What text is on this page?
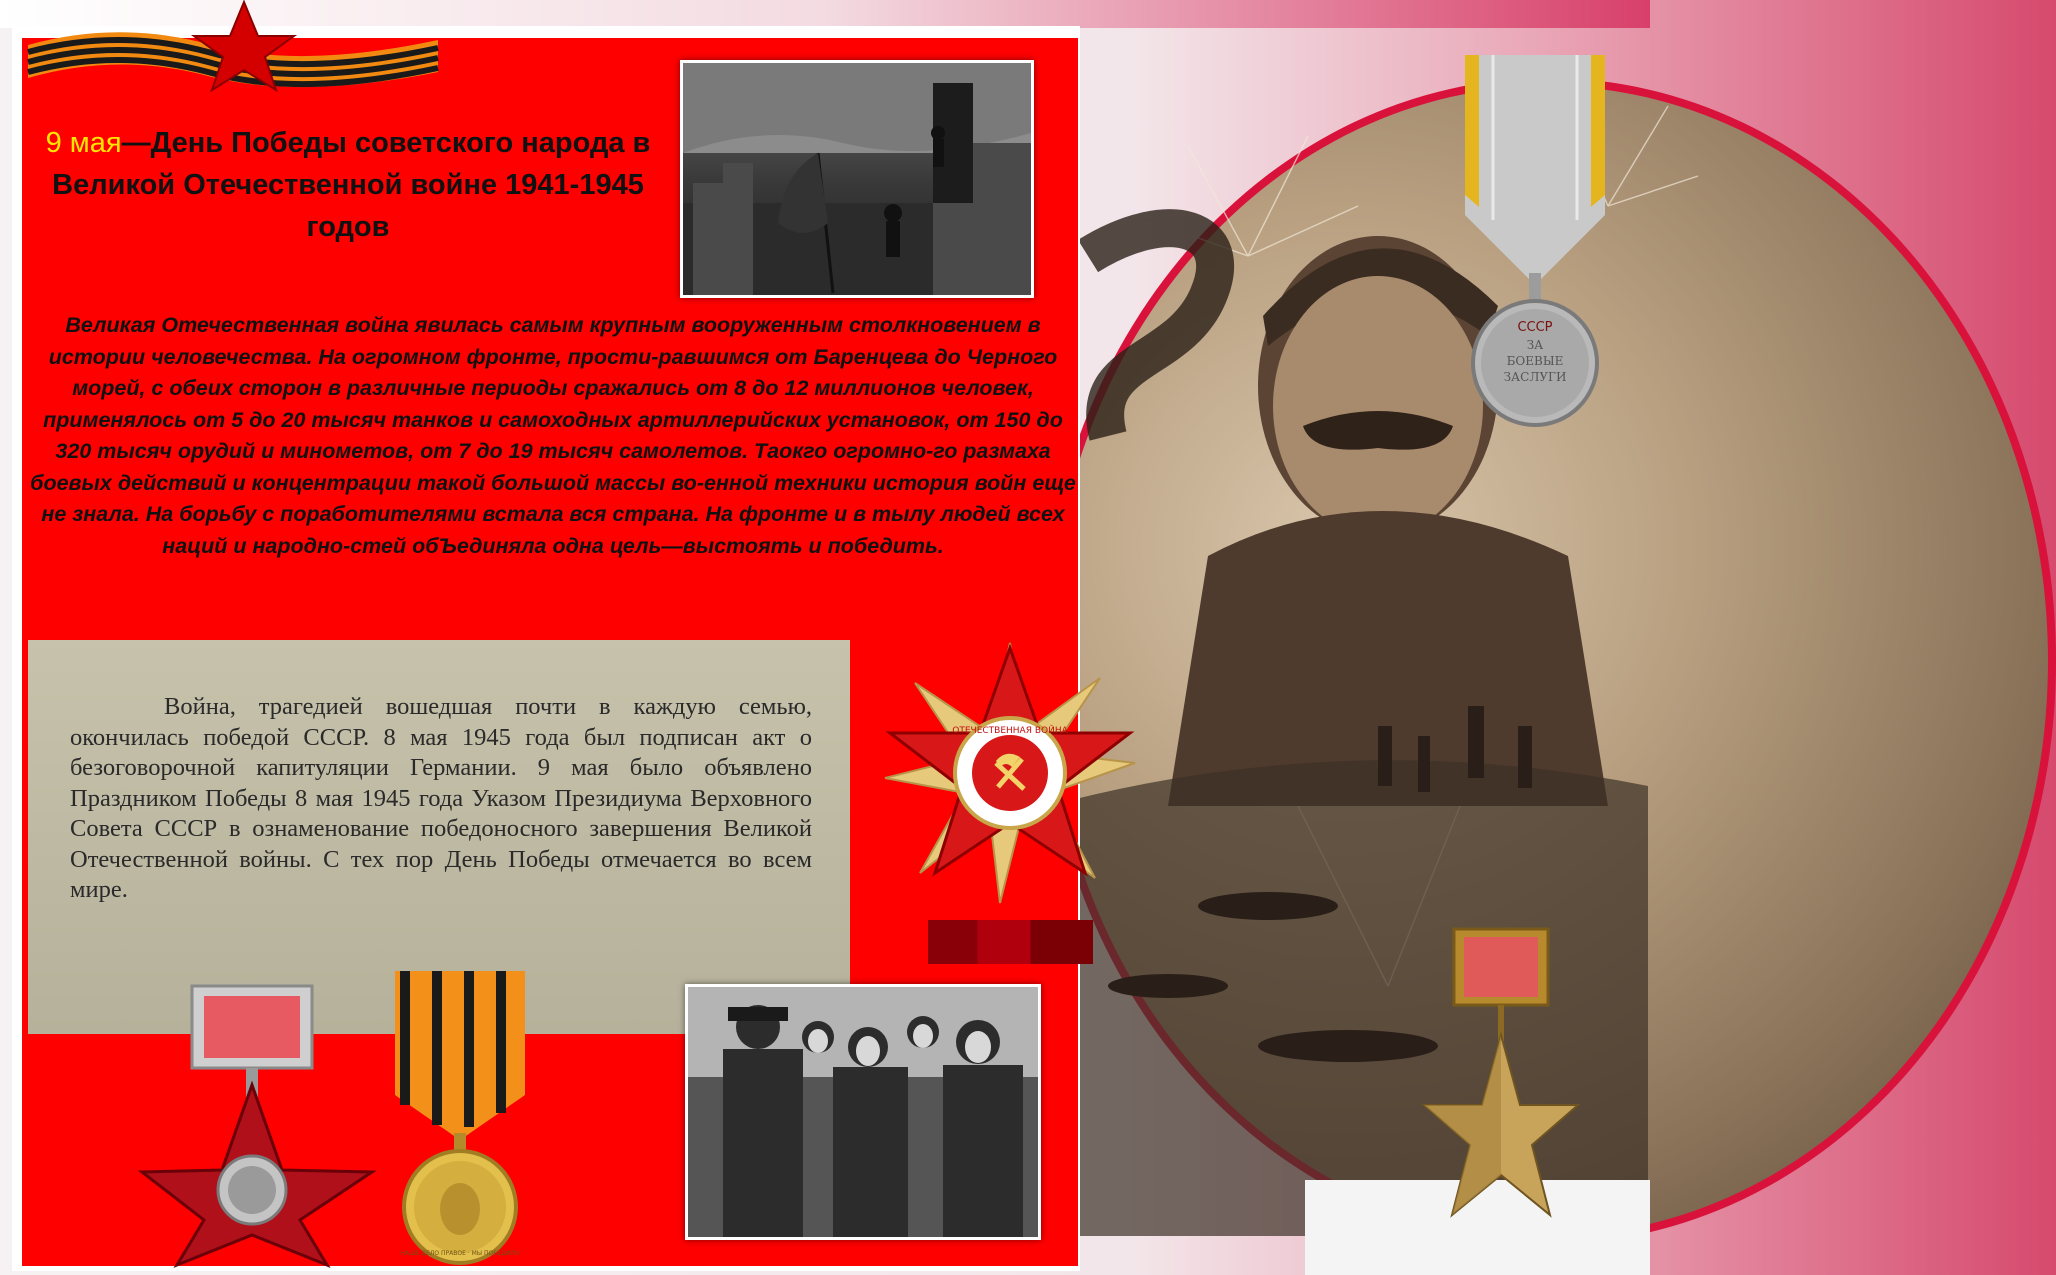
9 мая—День Победы советского народа в Великой Отечественной войне 1941-1945 годов
Великая Отечественная война явилась самым крупным вооруженным столкновением в истории человечества. На огромном фронте, прости-равшимся от Баренцева до Черного морей, с обеих сторон в различные периоды сражались от 8 до 12 миллионов человек, применялось от 5 до 20 тысяч танков и самоходных артиллерийских установок, от 150 до 320 тысяч орудий и минометов, от 7 до 19 тысяч самолетов. Таокго огромно-го размаха боевых действий и концентрации такой большой массы во-енной техники история войн еще не знала. На борьбу с поработителями встала вся страна. На фронте и в тылу людей всех наций и народно-стей обЪединяла одна цель—выстоять и победить.

Война, трагедией вошедшая почти в каждую семью, окончилась победой СССР. 8 мая 1945 года был подписан акт о безоговорочной капитуляции Германии. 9 мая было объявлено Праздником Победы 8 мая 1945 года Указом Президиума Верховного Совета СССР в ознаменование победоносного завершения Великой Отечественной войны. С тех пор День Победы отмечается во всем мире.

ОТЕЧЕСТВЕННАЯ ВОЙНА
СССР
ЗА
БОЕВЫЕ
ЗАСЛУГИ
НАШЕ ДЕЛО ПРАВОЕ · МЫ ПОБЕДИЛИ
